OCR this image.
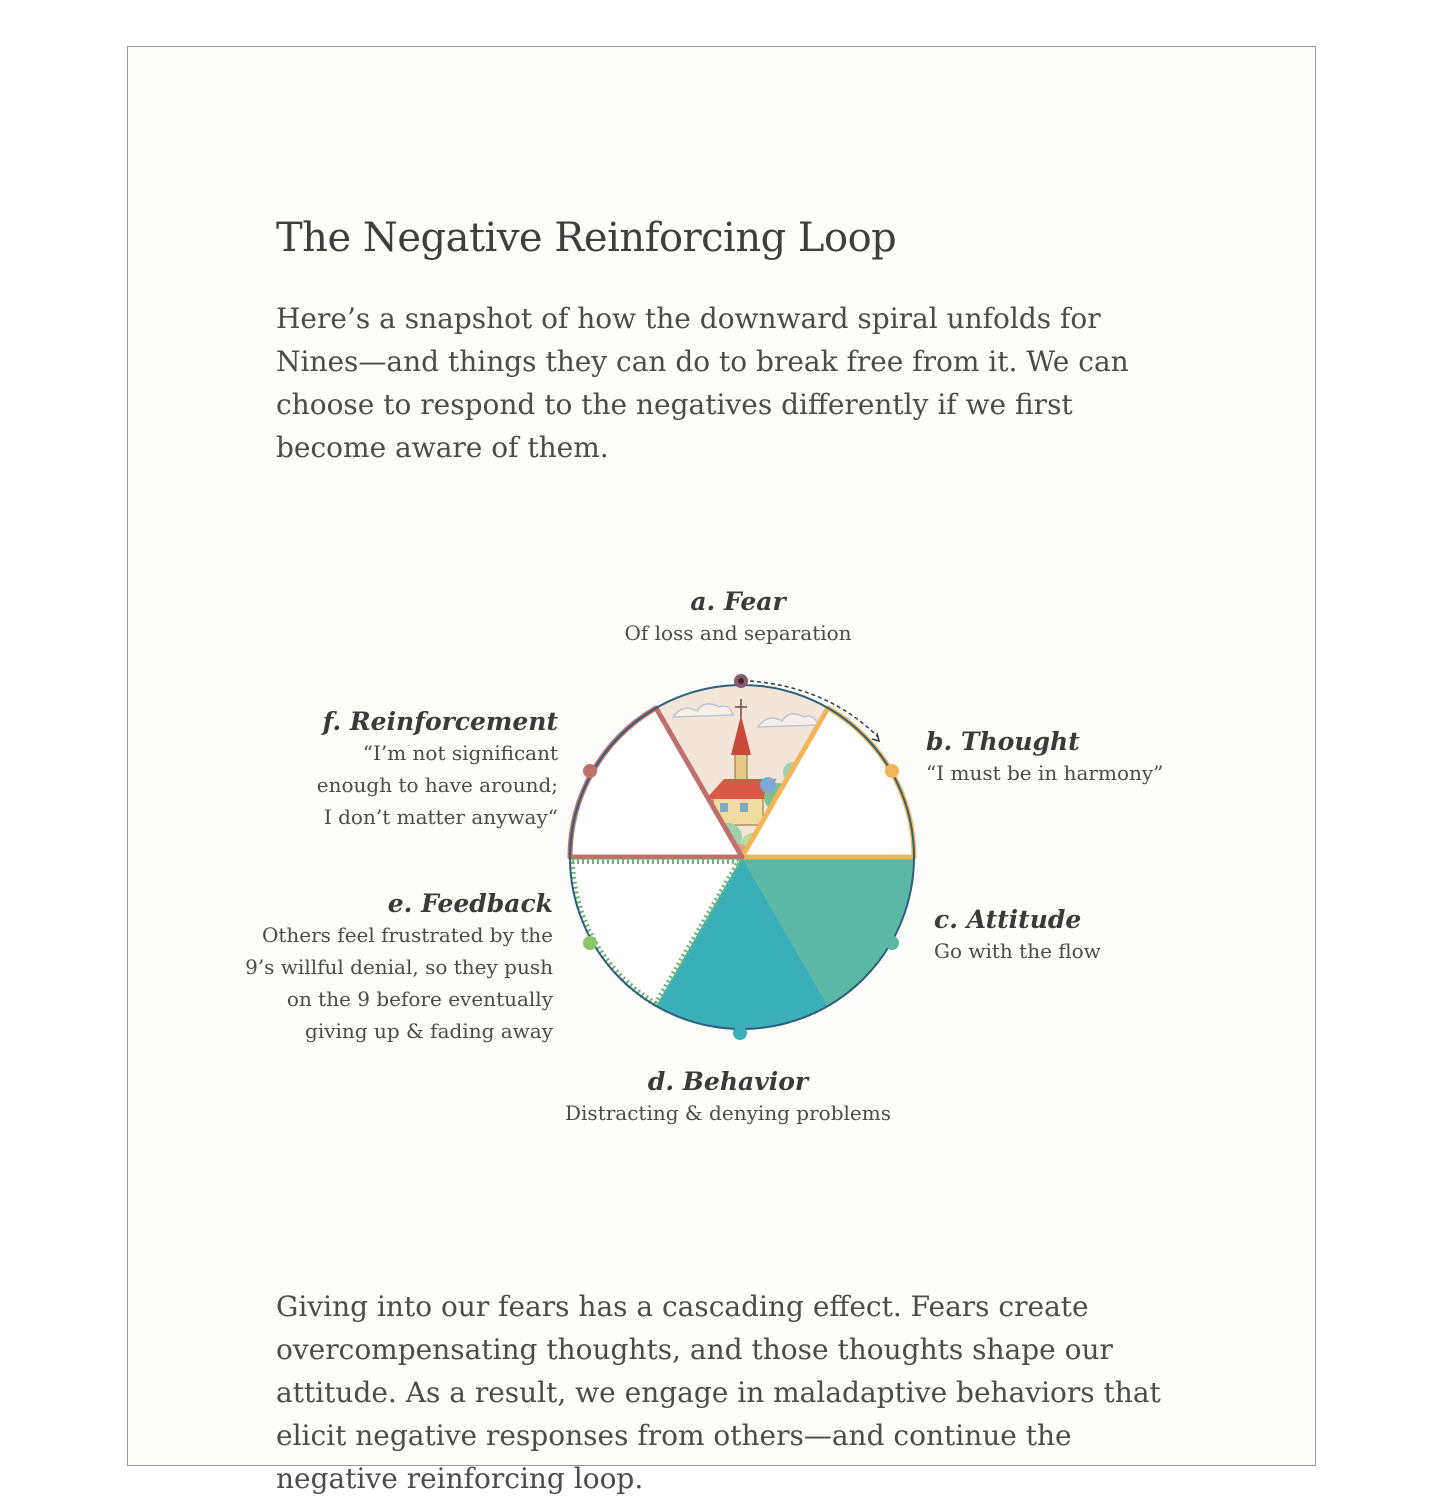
The Negative Reinforcing Loop

Here’s a snapshot of how the downward spiral unfolds for Nines—and things they can do to break free from it. We can choose to respond to the negatives differently if we first become aware of them.

a. Fear
Of loss and separation
b. Thought
“I must be in harmony”
c. Attitude
Go with the flow
d. Behavior
Distracting & denying problems
e. Feedback
Others feel frustrated by the 9’s willful denial, so they push on the 9 before eventually giving up & fading away
f. Reinforcement
“I’m not significant enough to have around; I don’t matter anyway“

Giving into our fears has a cascading effect. Fears create overcompensating thoughts, and those thoughts shape our attitude. As a result, we engage in maladaptive behaviors that elicit negative responses from others—and continue the negative reinforcing loop.
